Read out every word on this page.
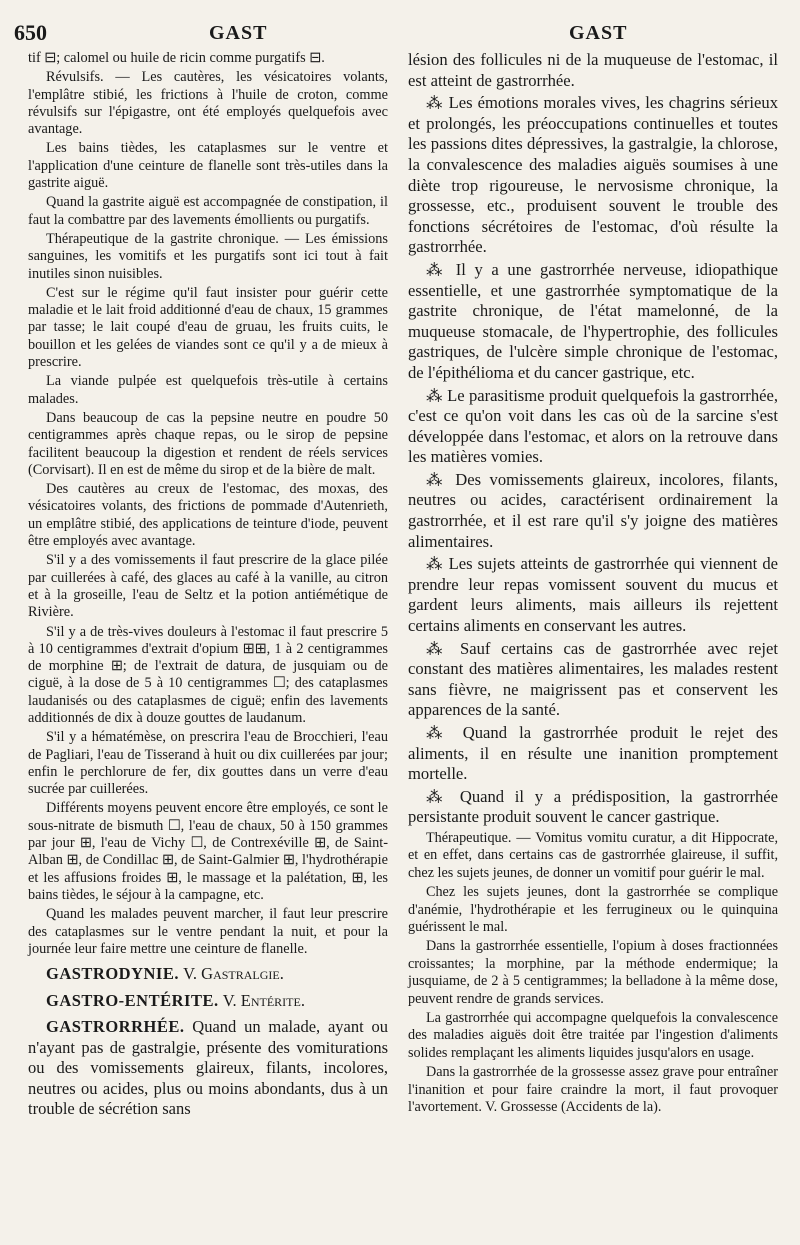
650	GAST	GAST

tif ⊟; calomel ou huile de ricin comme purgatifs ⊟.

Révulsifs. — Les cautères, les vésicatoires volants, l'emplâtre stibié, les frictions à l'huile de croton, comme révulsifs sur l'épigastre, ont été employés quelquefois avec avantage.

Les bains tièdes, les cataplasmes sur le ventre et l'application d'une ceinture de flanelle sont très-utiles dans la gastrite aiguë.

Quand la gastrite aiguë est accompagnée de constipation, il faut la combattre par des lavements émollients ou purgatifs.

Thérapeutique de la gastrite chronique. — Les émissions sanguines, les vomitifs et les purgatifs sont ici tout à fait inutiles sinon nuisibles.

C'est sur le régime qu'il faut insister pour guérir cette maladie et le lait froid additionné d'eau de chaux, 15 grammes par tasse; le lait coupé d'eau de gruau, les fruits cuits, le bouillon et les gelées de viandes sont ce qu'il y a de mieux à prescrire.

La viande pulpée est quelquefois très-utile à certains malades.

Dans beaucoup de cas la pepsine neutre en poudre 50 centigrammes après chaque repas, ou le sirop de pepsine facilitent beaucoup la digestion et rendent de réels services (Corvisart). Il en est de même du sirop et de la bière de malt.

Des cautères au creux de l'estomac, des moxas, des vésicatoires volants, des frictions de pommade d'Autenrieth, un emplâtre stibié, des applications de teinture d'iode, peuvent être employés avec avantage.

S'il y a des vomissements il faut prescrire de la glace pilée par cuillerées à café, des glaces au café à la vanille, au citron et à la groseille, l'eau de Seltz et la potion antiémétique de Rivière.

S'il y a de très-vives douleurs à l'estomac il faut prescrire 5 à 10 centigrammes d'extrait d'opium ⊞⊞, 1 à 2 centigrammes de morphine ⊞; de l'extrait de datura, de jusquiam ou de ciguë, à la dose de 5 à 10 centigrammes ☐; des cataplasmes laudanisés ou des cataplasmes de ciguë; enfin des lavements additionnés de dix à douze gouttes de laudanum.

S'il y a hématémèse, on prescrira l'eau de Brocchieri, l'eau de Pagliari, l'eau de Tisserand à huit ou dix cuillerées par jour; enfin le perchlorure de fer, dix gouttes dans un verre d'eau sucrée par cuillerées.

Différents moyens peuvent encore être employés, ce sont le sous-nitrate de bismuth ☐, l'eau de chaux, 50 à 150 grammes par jour ⊞, l'eau de Vichy ☐, de Contrexéville ⊞, de Saint-Alban ⊞, de Condillac ⊞, de Saint-Galmier ⊞, l'hydrothérapie et les affusions froides ⊞, le massage et la palétation, ⊞, les bains tièdes, le séjour à la campagne, etc.

Quand les malades peuvent marcher, il faut leur prescrire des cataplasmes sur le ventre pendant la nuit, et pour la journée leur faire mettre une ceinture de flanelle.

GASTRODYNIE. V. Gastralgie.

GASTRO-ENTÉRITE. V. Entérite.

GASTRORRHÉE. Quand un malade, ayant ou n'ayant pas de gastralgie, présente des vomiturations ou des vomissements glaireux, filants, incolores, neutres ou acides, plus ou moins abondants, dus à un trouble de sécrétion sans

lésion des follicules ni de la muqueuse de l'estomac, il est atteint de gastrorrhée.

⁂ Les émotions morales vives, les chagrins sérieux et prolongés, les préoccupations continuelles et toutes les passions dites dépressives, la gastralgie, la chlorose, la convalescence des maladies aiguës soumises à une diète trop rigoureuse, le nervosisme chronique, la grossesse, etc., produisent souvent le trouble des fonctions sécrétoires de l'estomac, d'où résulte la gastrorrhée.

⁂ Il y a une gastrorrhée nerveuse, idiopathique essentielle, et une gastrorrhée symptomatique de la gastrite chronique, de l'état mamelonné, de la muqueuse stomacale, de l'hypertrophie, des follicules gastriques, de l'ulcère simple chronique de l'estomac, de l'épithélioma et du cancer gastrique, etc.

⁂ Le parasitisme produit quelquefois la gastrorrhée, c'est ce qu'on voit dans les cas où de la sarcine s'est développée dans l'estomac, et alors on la retrouve dans les matières vomies.

⁂ Des vomissements glaireux, incolores, filants, neutres ou acides, caractérisent ordinairement la gastrorrhée, et il est rare qu'il s'y joigne des matières alimentaires.

⁂ Les sujets atteints de gastrorrhée qui viennent de prendre leur repas vomissent souvent du mucus et gardent leurs aliments, mais ailleurs ils rejettent certains aliments en conservant les autres.

⁂ Sauf certains cas de gastrorrhée avec rejet constant des matières alimentaires, les malades restent sans fièvre, ne maigrissent pas et conservent les apparences de la santé.

⁂ Quand la gastrorrhée produit le rejet des aliments, il en résulte une inanition promptement mortelle.

⁂ Quand il y a prédisposition, la gastrorrhée persistante produit souvent le cancer gastrique.

Thérapeutique. — Vomitus vomitu curatur, a dit Hippocrate, et en effet, dans certains cas de gastrorrhée glaireuse, il suffit, chez les sujets jeunes, de donner un vomitif pour guérir le mal.

Chez les sujets jeunes, dont la gastrorrhée se complique d'anémie, l'hydrothérapie et les ferrugineux ou le quinquina guérissent le mal.

Dans la gastrorrhée essentielle, l'opium à doses fractionnées croissantes; la morphine, par la méthode endermique; la jusquiame, de 2 à 5 centigrammes; la belladone à la même dose, peuvent rendre de grands services.

La gastrorrhée qui accompagne quelquefois la convalescence des maladies aiguës doit être traitée par l'ingestion d'aliments solides remplaçant les aliments liquides jusqu'alors en usage.

Dans la gastrorrhée de la grossesse assez grave pour entraîner l'inanition et pour faire craindre la mort, il faut provoquer l'avortement. V. Grossesse (Accidents de la).
